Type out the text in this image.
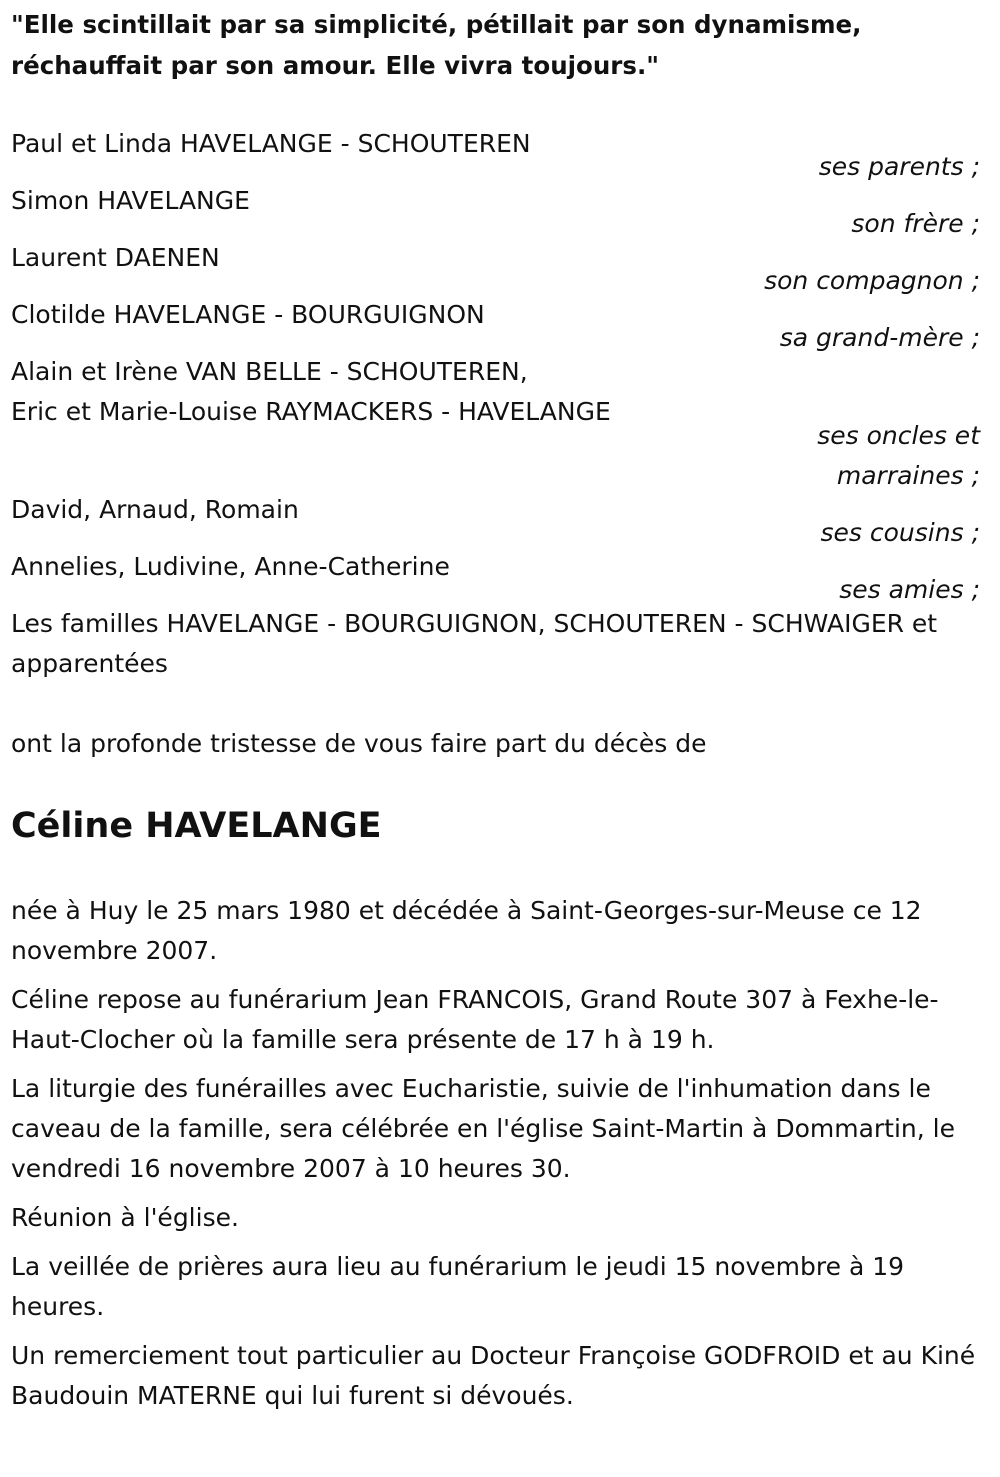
"Elle scintillait par sa simplicité, pétillait par son dynamisme, réchauffait par son amour. Elle vivra toujours."
Paul et Linda HAVELANGE - SCHOUTEREN
ses parents ;
Simon HAVELANGE
son frère ;
Laurent DAENEN
son compagnon ;
Clotilde HAVELANGE - BOURGUIGNON
sa grand-mère ;
Alain et Irène VAN BELLE - SCHOUTEREN,
Eric et Marie-Louise RAYMACKERS - HAVELANGE
ses oncles et
marraines ;
David, Arnaud, Romain
ses cousins ;
Annelies, Ludivine, Anne-Catherine
ses amies ;
Les familles HAVELANGE - BOURGUIGNON, SCHOUTEREN - SCHWAIGER et apparentées
ont la profonde tristesse de vous faire part du décès de
Céline HAVELANGE

née à Huy le 25 mars 1980 et décédée à Saint-Georges-sur-Meuse ce 12 novembre 2007.

Céline repose au funérarium Jean FRANCOIS, Grand Route 307 à Fexhe-le-Haut-Clocher où la famille sera présente de 17 h à 19 h.

La liturgie des funérailles avec Eucharistie, suivie de l'inhumation dans le caveau de la famille, sera célébrée en l'église Saint-Martin à Dommartin, le vendredi 16 novembre 2007 à 10 heures 30.

Réunion à l'église.

La veillée de prières aura lieu au funérarium le jeudi 15 novembre à 19 heures.

Un remerciement tout particulier au Docteur Françoise GODFROID et au Kiné Baudouin MATERNE qui lui furent si dévoués.
